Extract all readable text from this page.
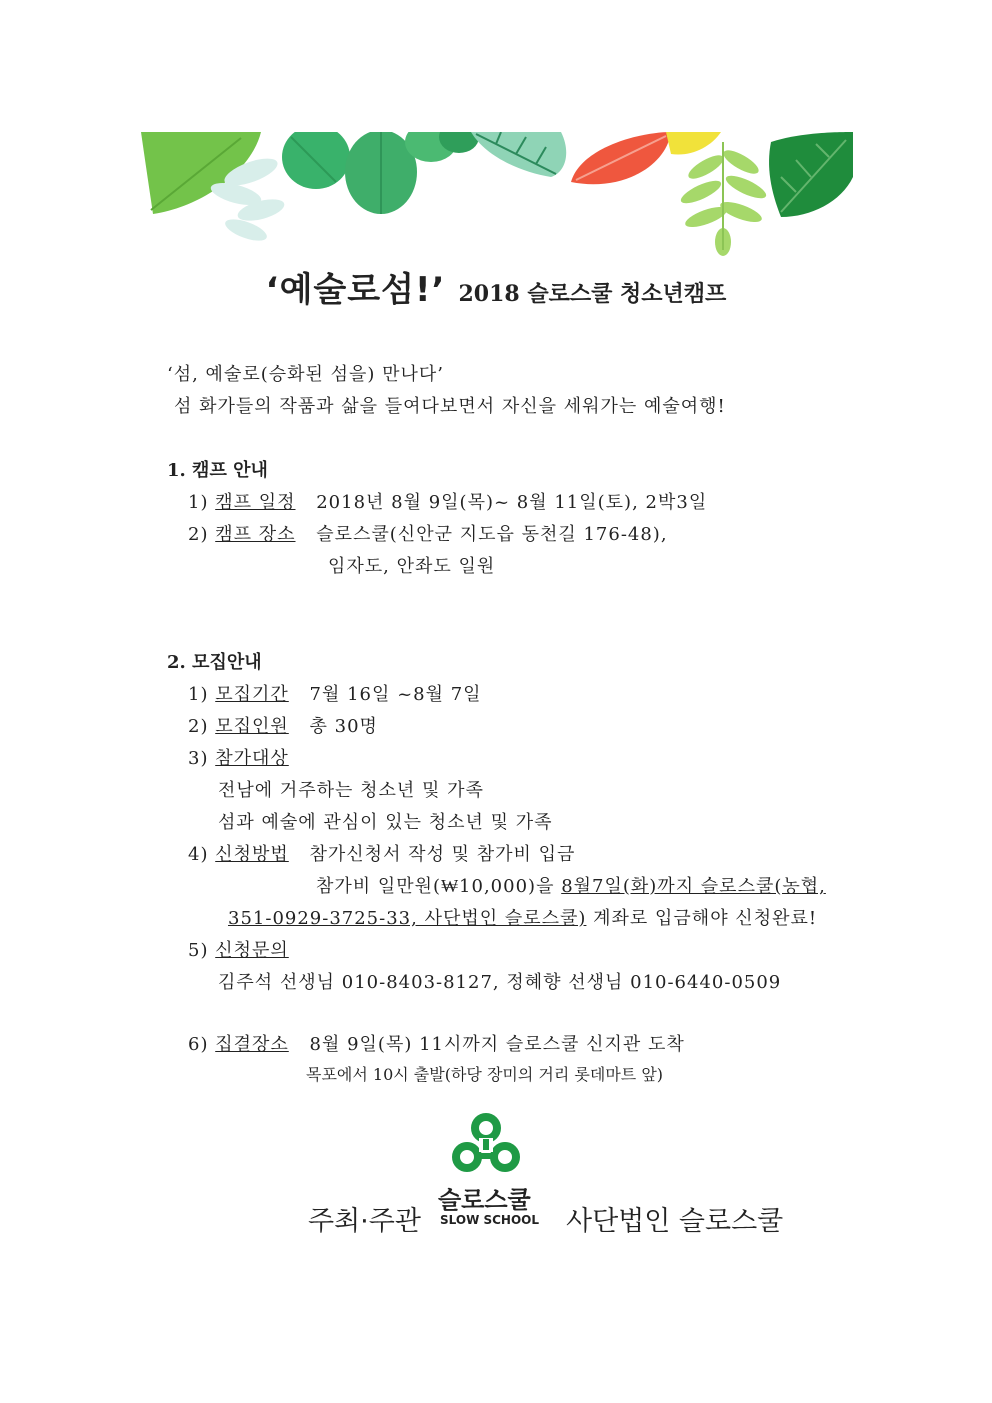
‘예술로섬!’ 2018 슬로스쿨 청소년캠프
‘섬, 예술로(승화된 섬을) 만나다’
섬 화가들의 작품과 삶을 들여다보면서 자신을 세워가는 예술여행!
1. 캠프 안내
1) 캠프 일정 2018년 8월 9일(목)~ 8월 11일(토), 2박3일
2) 캠프 장소 슬로스쿨(신안군 지도읍 동천길 176-48),
임자도, 안좌도 일원
2. 모집안내
1) 모집기간 7월 16일 ~8월 7일
2) 모집인원 총 30명
3) 참가대상
전남에 거주하는 청소년 및 가족
섬과 예술에 관심이 있는 청소년 및 가족
4) 신청방법 참가신청서 작성 및 참가비 입금
참가비 일만원(₩10,000)을 8월7일(화)까지 슬로스쿨(농협,
351-0929-3725-33, 사단법인 슬로스쿨) 계좌로 입금해야 신청완료!
5) 신청문의
김주석 선생님 010-8403-8127, 정혜향 선생님 010-6440-0509
6) 집결장소 8월 9일(목) 11시까지 슬로스쿨 신지관 도착
목포에서 10시 출발(하당 장미의 거리 롯데마트 앞)
주최·주관
슬로스쿨
SLOW SCHOOL 사단법인 슬로스쿨
